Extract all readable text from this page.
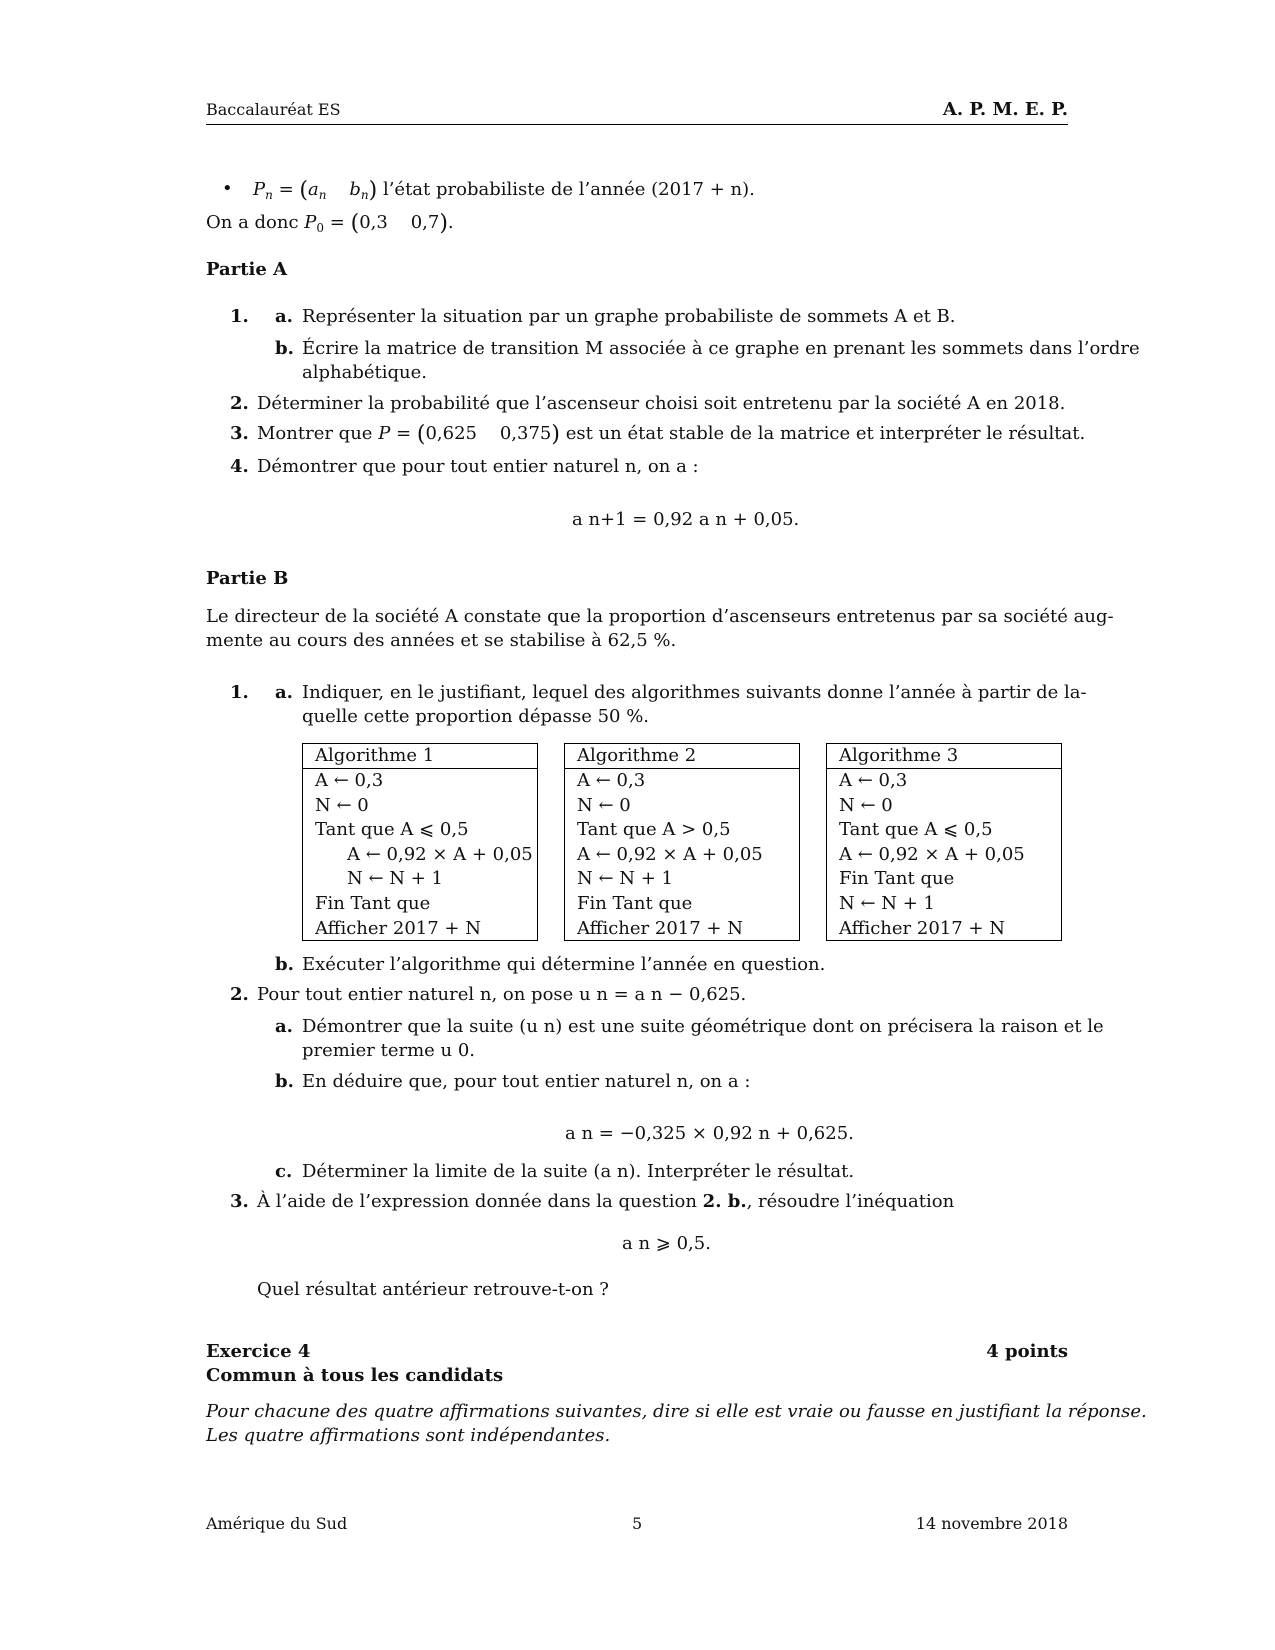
Baccalauréat ES	A. P. M. E. P.
• $P_n = (a_n$ $b_n$) l’état probabiliste de l’année (2017 + n).
On a donc $P_0 = (0,3$    0,7).
Partie A
1. a. Représenter la situation par un graphe probabiliste de sommets A et B.
b. Écrire la matrice de transition M associée à ce graphe en prenant les sommets dans l’ordre
alphabétique.
2. Déterminer la probabilité que l’ascenseur choisi soit entretenu par la société A en 2018.
3. Montrer que P = (0,625    0,375) est un état stable de la matrice et interpréter le résultat.
4. Démontrer que pour tout entier naturel n, on a :
a n+1 = 0,92 a n + 0,05.
Partie B
Le directeur de la société A constate que la proportion d’ascenseurs entretenus par sa société aug-
mente au cours des années et se stabilise à 62,5 %.
1. a. Indiquer, en le justifiant, lequel des algorithmes suivants donne l’année à partir de la-
quelle cette proportion dépasse 50 %.
Algorithme 1
A ← 0,3
N ← 0
Tant que A ⩽ 0,5
A ← 0,92 × A + 0,05
N ← N + 1
Fin Tant que
Afficher 2017 + N
Algorithme 2
A ← 0,3
N ← 0
Tant que A > 0,5
A ← 0,92 × A + 0,05
N ← N + 1
Fin Tant que
Afficher 2017 + N
Algorithme 3
A ← 0,3
N ← 0
Tant que A ⩽ 0,5
A ← 0,92 × A + 0,05
Fin Tant que
N ← N + 1
Afficher 2017 + N
b. Exécuter l’algorithme qui détermine l’année en question.
2. Pour tout entier naturel n, on pose u n = a n − 0,625.
a. Démontrer que la suite (u n) est une suite géométrique dont on précisera la raison et le
premier terme u 0.
b. En déduire que, pour tout entier naturel n, on a :
a n = −0,325 × 0,92 n + 0,625.
c. Déterminer la limite de la suite (a n). Interpréter le résultat.
3. À l’aide de l’expression donnée dans la question 2. b., résoudre l’inéquation
a n ⩾ 0,5.
Quel résultat antérieur retrouve-t-on ?
Exercice 4	4 points
Commun à tous les candidats
Pour chacune des quatre affirmations suivantes, dire si elle est vraie ou fausse en justifiant la réponse.
Les quatre affirmations sont indépendantes.
Amérique du Sud	5	14 novembre 2018
